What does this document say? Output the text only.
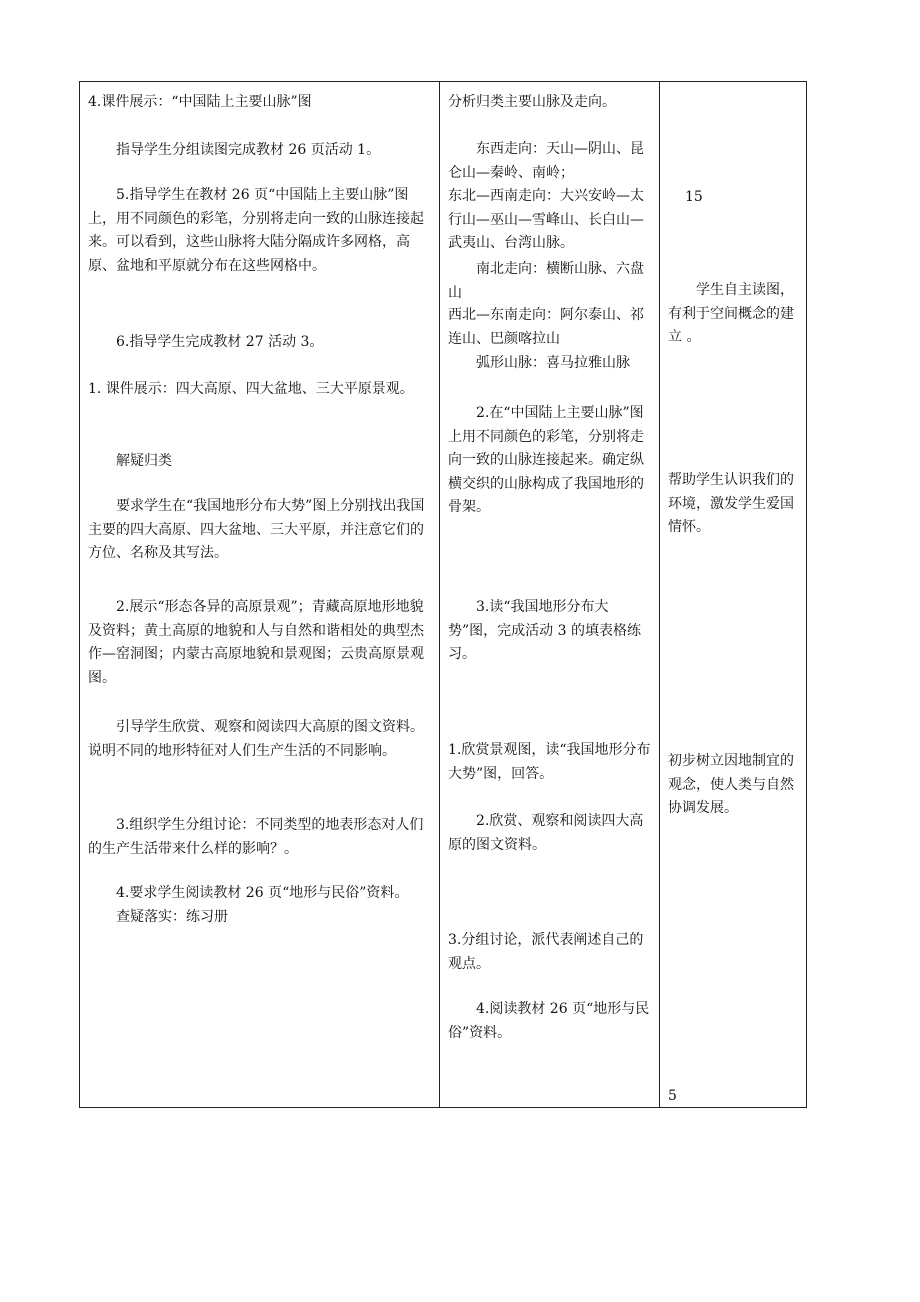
4.课件展示：“中国陆上主要山脉”图

指导学生分组读图完成教材 26 页活动 1。

5.指导学生在教材 26 页“中国陆上主要山脉”图上，用不同颜色的彩笔，分别将走向一致的山脉连接起来。可以看到，这些山脉将大陆分隔成许多网格，高原、盆地和平原就分布在这些网格中。

6.指导学生完成教材 27 活动 3。

1. 课件展示：四大高原、四大盆地、三大平原景观。

解疑归类

要求学生在“我国地形分布大势”图上分别找出我国主要的四大高原、四大盆地、三大平原，并注意它们的方位、名称及其写法。

2.展示“形态各异的高原景观”；青藏高原地形地貌及资料；黄土高原的地貌和人与自然和谐相处的典型杰作—窑洞图；内蒙古高原地貌和景观图；云贵高原景观图。

引导学生欣赏、观察和阅读四大高原的图文资料。说明不同的地形特征对人们生产生活的不同影响。

3.组织学生分组讨论：不同类型的地表形态对人们的生产生活带来什么样的影响？。

4.要求学生阅读教材 26 页“地形与民俗”资料。

查疑落实：练习册

分析归类主要山脉及走向。

东西走向：天山—阴山、昆仑山—秦岭、南岭；

东北—西南走向：大兴安岭—太行山—巫山—雪峰山、长白山—武夷山、台湾山脉。

南北走向：横断山脉、六盘山

西北—东南走向：阿尔泰山、祁连山、巴颜喀拉山

弧形山脉：喜马拉雅山脉

2.在“中国陆上主要山脉”图上用不同颜色的彩笔，分别将走向一致的山脉连接起来。确定纵横交织的山脉构成了我国地形的骨架。

3.读“我国地形分布大势”图，完成活动 3 的填表格练习。

1.欣赏景观图，读“我国地形分布大势”图，回答。

2.欣赏、观察和阅读四大高原的图文资料。

3.分组讨论，派代表阐述自己的观点。

4.阅读教材 26 页“地形与民俗”资料。

15

学生自主读图，有利于空间概念的建立 。

帮助学生认识我们的环境，激发学生爱国情怀。

初步树立因地制宜的观念，使人类与自然协调发展。

5
